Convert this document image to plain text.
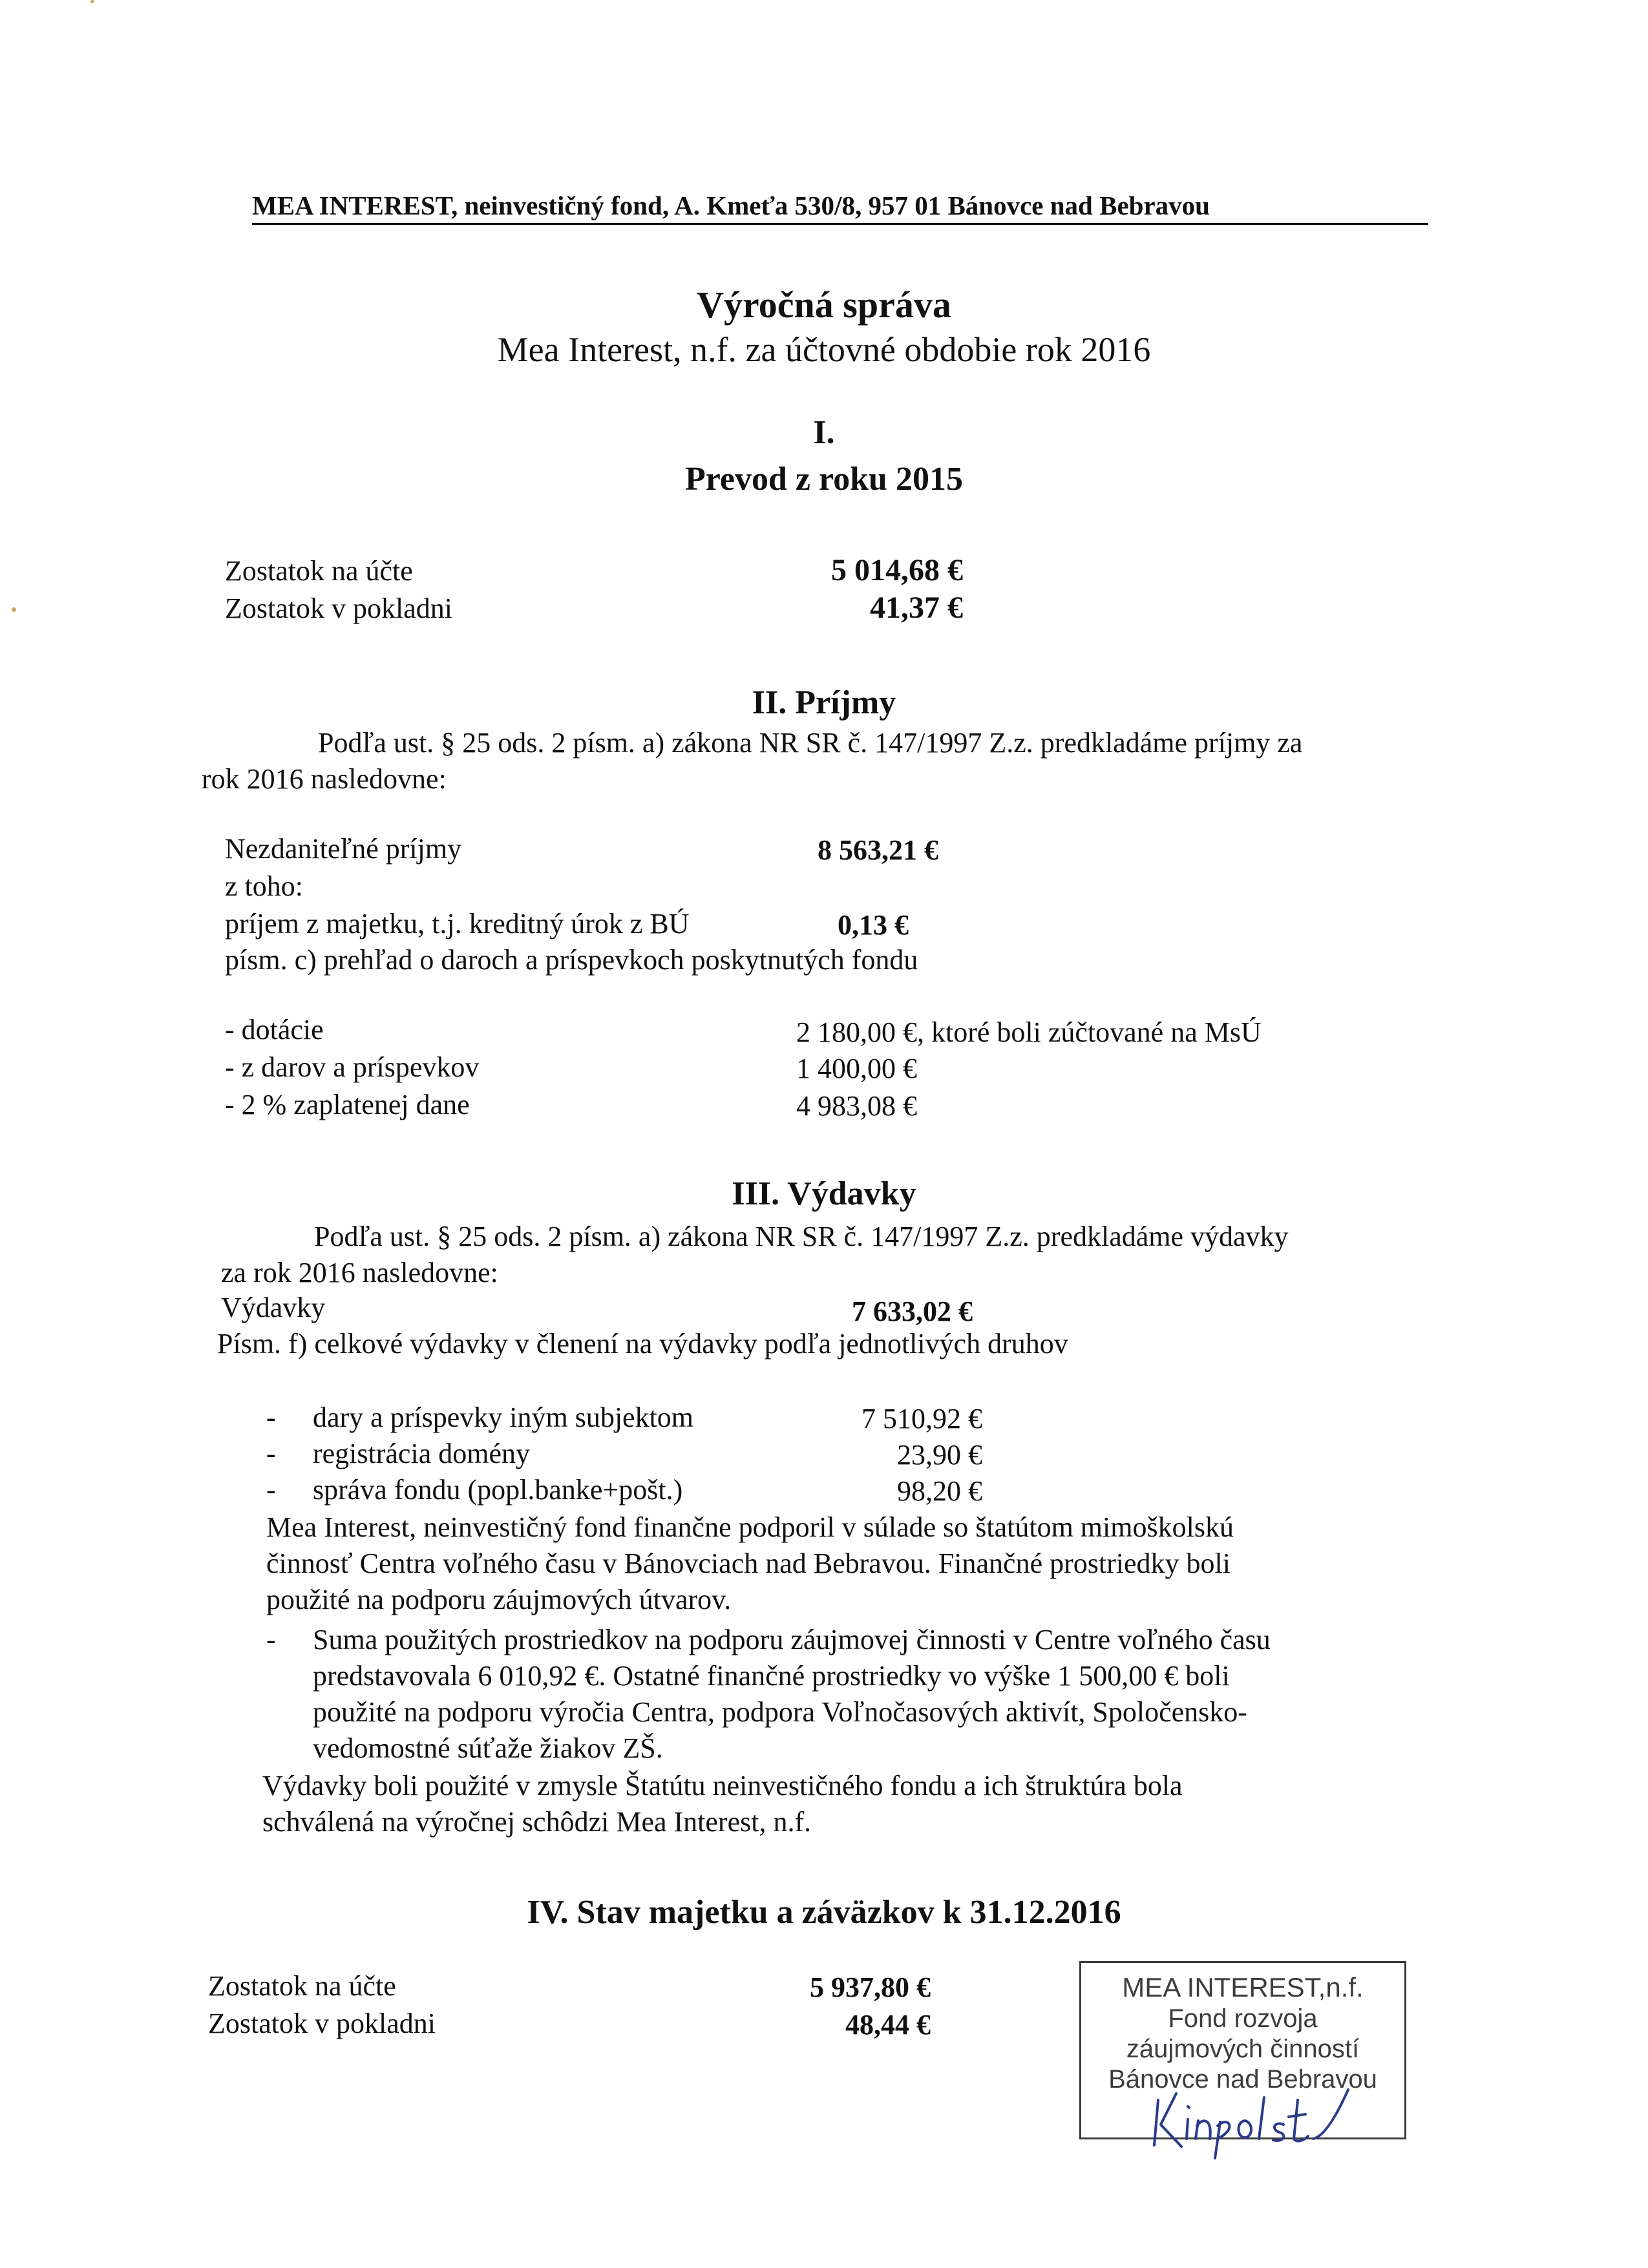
MEA INTEREST, neinvestičný fond, A. Kmeťa 530/8, 957 01 Bánovce nad Bebravou
Výročná správa
Mea Interest, n.f. za účtovné obdobie rok 2016
I.
Prevod z roku 2015
Zostatok na účte	5 014,68 €
Zostatok v pokladni	41,37 €
II. Príjmy
Podľa ust. § 25 ods. 2 písm. a) zákona NR SR č. 147/1997 Z.z. predkladáme príjmy za
rok 2016 nasledovne:
Nezdaniteľné príjmy	8 563,21 €
z toho:
príjem z majetku, t.j. kreditný úrok z BÚ	0,13 €
písm. c) prehľad o daroch a príspevkoch poskytnutých fondu
- dotácie	2 180,00 €, ktoré boli zúčtované na MsÚ
- z darov a príspevkov	1 400,00 €
- 2 % zaplatenej dane	4 983,08 €
III. Výdavky
Podľa ust. § 25 ods. 2 písm. a) zákona NR SR č. 147/1997 Z.z. predkladáme výdavky
za rok 2016 nasledovne:
Výdavky	7 633,02 €
Písm. f) celkové výdavky v členení na výdavky podľa jednotlivých druhov
- dary a príspevky iným subjektom	7 510,92 €
- registrácia domény	23,90 €
- správa fondu (popl.banke+pošt.)	98,20 €
Mea Interest, neinvestičný fond finančne podporil v súlade so štatútom mimoškolskú
činnosť Centra voľného času v Bánovciach nad Bebravou. Finančné prostriedky boli
použité na podporu záujmových útvarov.
- Suma použitých prostriedkov na podporu záujmovej činnosti v Centre voľného času
predstavovala 6 010,92 €. Ostatné finančné prostriedky vo výške 1 500,00 € boli
použité na podporu výročia Centra, podpora Voľnočasových aktivít, Spoločensko-
vedomostné súťaže žiakov ZŠ.
Výdavky boli použité v zmysle Štatútu neinvestičného fondu a ich štruktúra bola
schválená na výročnej schôdzi Mea Interest, n.f.
IV. Stav majetku a záväzkov k 31.12.2016
Zostatok na účte	5 937,80 €
Zostatok v pokladni	48,44 €
MEA INTEREST,n.f.
Fond rozvoja
záujmových činností
Bánovce nad Bebravou
